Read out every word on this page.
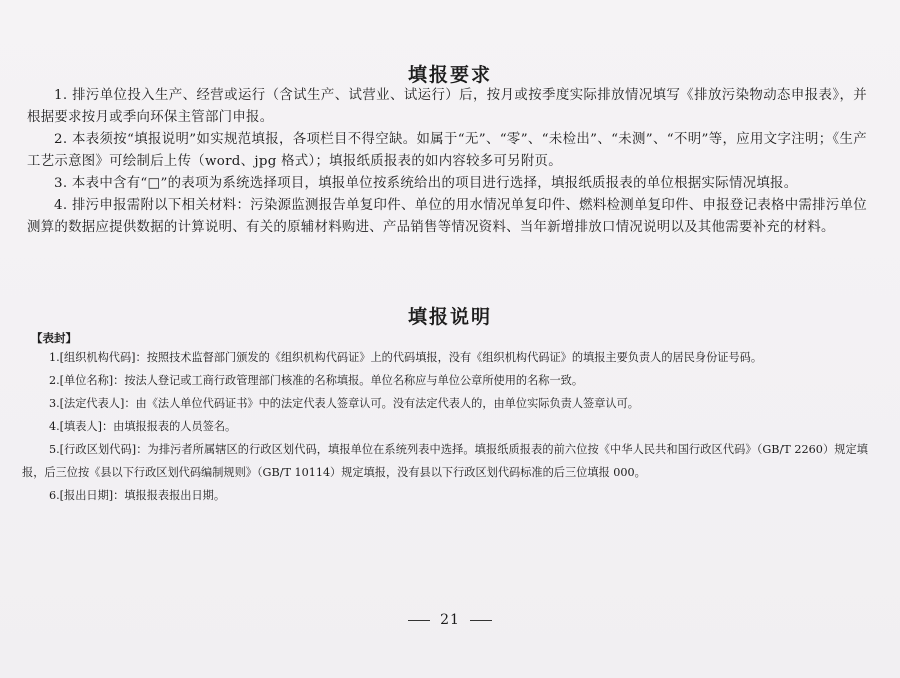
填报要求
1. 排污单位投入生产、经营或运行（含试生产、试营业、试运行）后，按月或按季度实际排放情况填写《排放污染物动态申报表》，并根据要求按月或季向环保主管部门申报。
2. 本表须按“填报说明”如实规范填报，各项栏目不得空缺。如属于“无”、“零”、“未检出”、“未测”、“不明”等，应用文字注明；《生产工艺示意图》可绘制后上传（word、jpg 格式）；填报纸质报表的如内容较多可另附页。
3. 本表中含有“□”的表项为系统选择项目，填报单位按系统给出的项目进行选择，填报纸质报表的单位根据实际情况填报。
4. 排污申报需附以下相关材料：污染源监测报告单复印件、单位的用水情况单复印件、燃料检测单复印件、申报登记表格中需排污单位测算的数据应提供数据的计算说明、有关的原辅材料购进、产品销售等情况资料、当年新增排放口情况说明以及其他需要补充的材料。
填报说明
【表封】
1.[组织机构代码]：按照技术监督部门颁发的《组织机构代码证》上的代码填报，没有《组织机构代码证》的填报主要负责人的居民身份证号码。
2.[单位名称]：按法人登记或工商行政管理部门核准的名称填报。单位名称应与单位公章所使用的名称一致。
3.[法定代表人]：由《法人单位代码证书》中的法定代表人签章认可。没有法定代表人的，由单位实际负责人签章认可。
4.[填表人]：由填报报表的人员签名。
5.[行政区划代码]：为排污者所属辖区的行政区划代码，填报单位在系统列表中选择。填报纸质报表的前六位按《中华人民共和国行政区代码》（GB/T 2260）规定填报，后三位按《县以下行政区划代码编制规则》（GB/T 10114）规定填报，没有县以下行政区划代码标准的后三位填报 000。
6.[报出日期]：填报报表报出日期。
21
